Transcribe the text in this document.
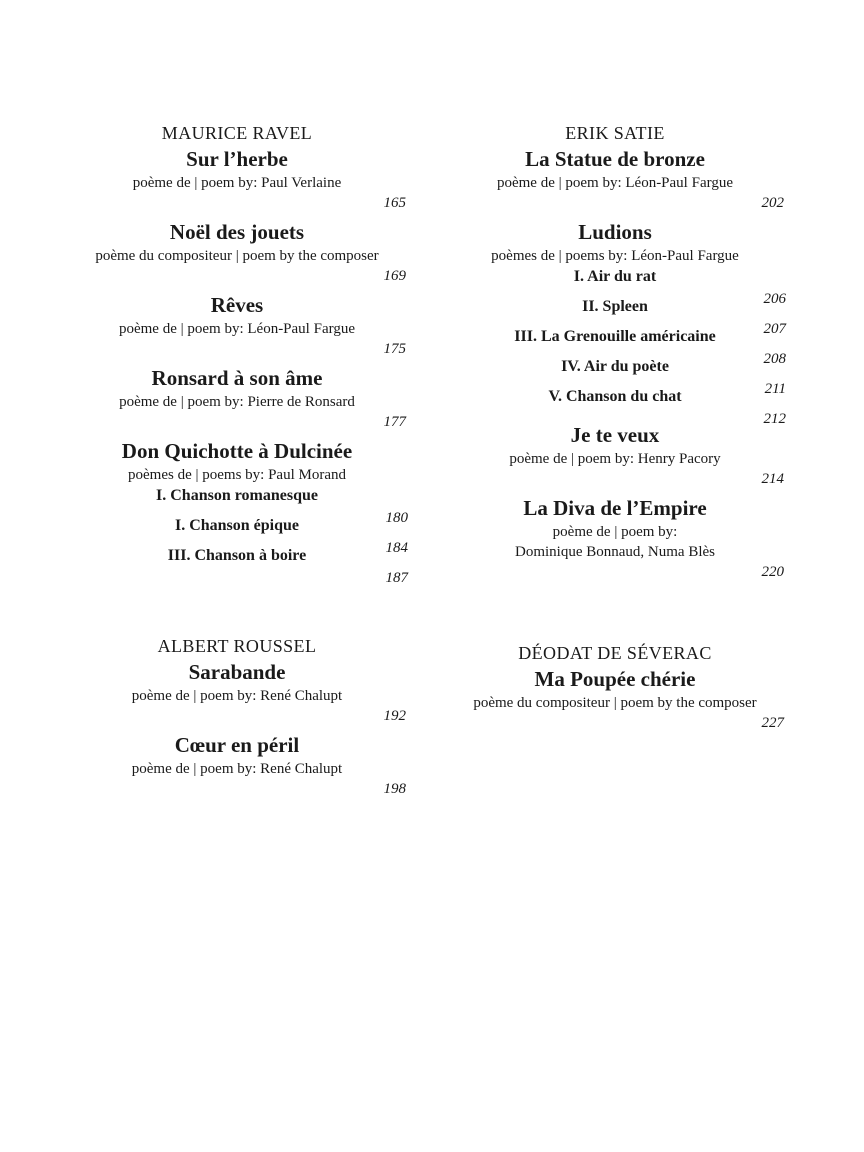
MAURICE RAVEL
Sur l’herbe
poème de | poem by: Paul Verlaine
165
Noël des jouets
poème du compositeur | poem by the composer
169
Rêves
poème de | poem by: Léon-Paul Fargue
175
Ronsard à son âme
poème de | poem by: Pierre de Ronsard
177
Don Quichotte à Dulcinée
poèmes de | poems by: Paul Morand
I. Chanson romanesque
180
I. Chanson épique
184
III. Chanson à boire
187
ALBERT ROUSSEL
Sarabande
poème de | poem by: René Chalupt
192
Cœur en péril
poème de | poem by: René Chalupt
198
ERIK SATIE
La Statue de bronze
poème de | poem by: Léon-Paul Fargue
202
Ludions
poèmes de | poems by: Léon-Paul Fargue
I. Air du rat
206
II. Spleen
207
III. La Grenouille américaine
208
IV. Air du poète
211
V. Chanson du chat
212
Je te veux
poème de | poem by: Henry Pacory
214
La Diva de l’Empire
poème de | poem by:
Dominique Bonnaud, Numa Blès
220
DÉODAT DE SÉVERAC
Ma Poupée chérie
poème du compositeur | poem by the composer
227
